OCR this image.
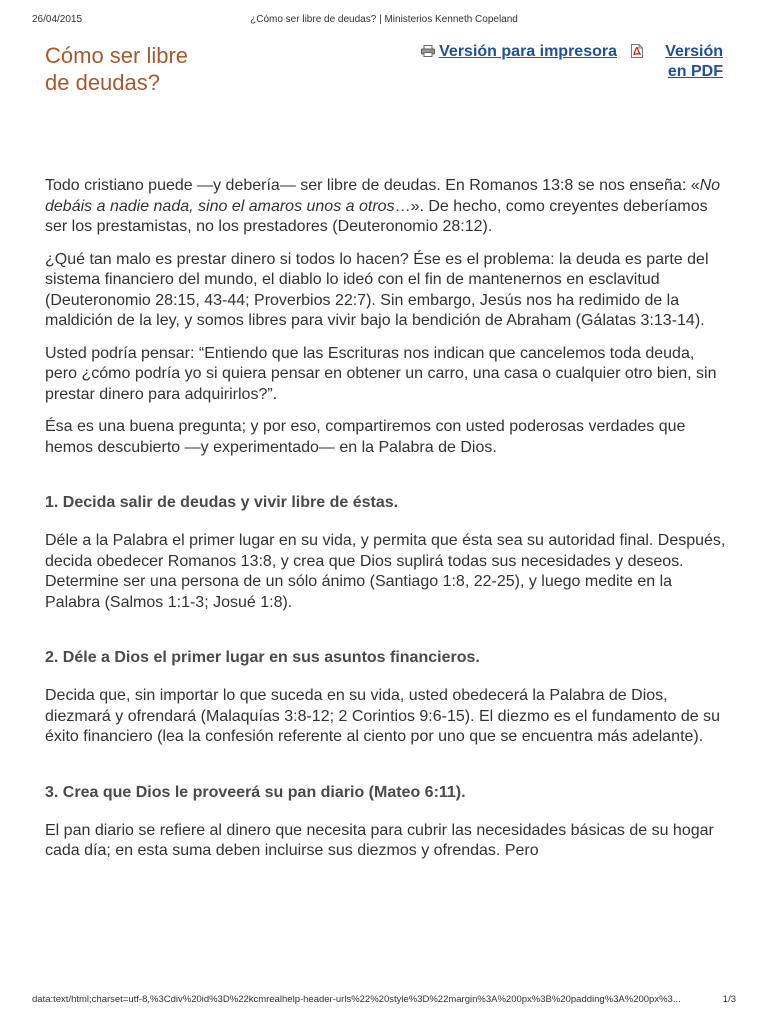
26/04/2015	¿Cómo ser libre de deudas? | Ministerios Kenneth Copeland
Cómo ser libre de deudas?
Versión para impresora	Versión en PDF

Todo cristiano puede —y debería— ser libre de deudas. En Romanos 13:8 se nos enseña: «No debáis a nadie nada, sino el amaros unos a otros…». De hecho, como creyentes deberíamos ser los prestamistas, no los prestadores (Deuteronomio 28:12).

¿Qué tan malo es prestar dinero si todos lo hacen? Ése es el problema: la deuda es parte del sistema financiero del mundo, el diablo lo ideó con el fin de mantenernos en esclavitud (Deuteronomio 28:15, 43-44; Proverbios 22:7). Sin embargo, Jesús nos ha redimido de la maldición de la ley, y somos libres para vivir bajo la bendición de Abraham (Gálatas 3:13-14).

Usted podría pensar: “Entiendo que las Escrituras nos indican que cancelemos toda deuda, pero ¿cómo podría yo si quiera pensar en obtener un carro, una casa o cualquier otro bien, sin prestar dinero para adquirirlos?”.

Ésa es una buena pregunta; y por eso, compartiremos con usted poderosas verdades que hemos descubierto —y experimentado— en la Palabra de Dios.

1. Decida salir de deudas y vivir libre de éstas.

Déle a la Palabra el primer lugar en su vida, y permita que ésta sea su autoridad final. Después, decida obedecer Romanos 13:8, y crea que Dios suplirá todas sus necesidades y deseos. Determine ser una persona de un sólo ánimo (Santiago 1:8, 22-25), y luego medite en la Palabra (Salmos 1:1-3; Josué 1:8).

2. Déle a Dios el primer lugar en sus asuntos financieros.

Decida que, sin importar lo que suceda en su vida, usted obedecerá la Palabra de Dios, diezmará y ofrendará (Malaquías 3:8-12; 2 Corintios 9:6-15). El diezmo es el fundamento de su éxito financiero (lea la confesión referente al ciento por uno que se encuentra más adelante).

3. Crea que Dios le proveerá su pan diario (Mateo 6:11).

El pan diario se refiere al dinero que necesita para cubrir las necesidades básicas de su hogar cada día; en esta suma deben incluirse sus diezmos y ofrendas. Pero

data:text/html;charset=utf-8,%3Cdiv%20id%3D%22kcmrealhelp-header-urls%22%20style%3D%22margin%3A%200px%3B%20padding%3A%200px%3...	1/3
